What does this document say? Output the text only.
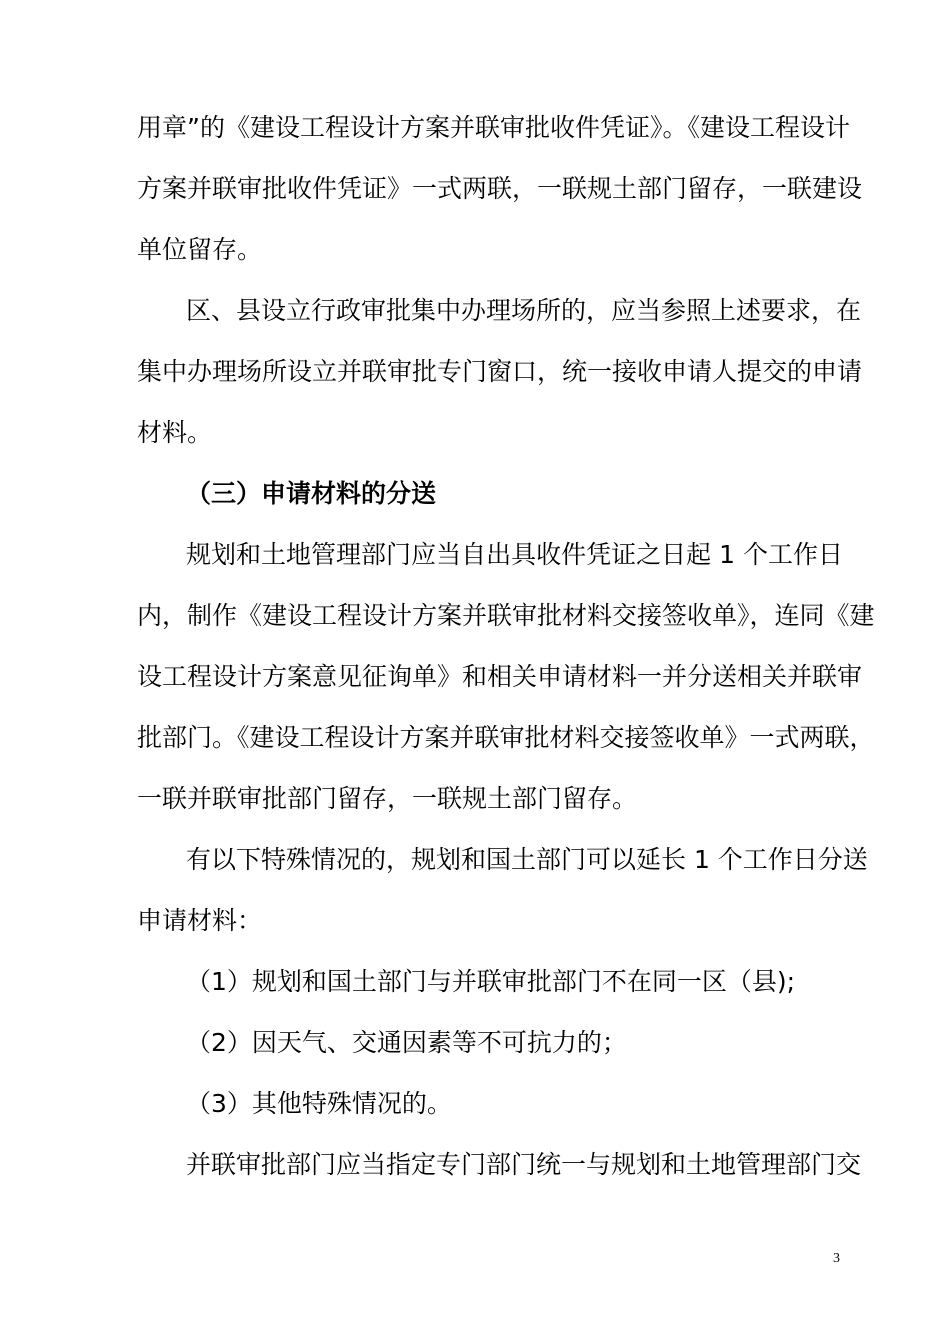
用章”的《建设工程设计方案并联审批收件凭证》。《建设工程设计
方案并联审批收件凭证》一式两联，一联规土部门留存，一联建设
单位留存。
区、县设立行政审批集中办理场所的，应当参照上述要求，在
集中办理场所设立并联审批专门窗口，统一接收申请人提交的申请
材料。
（三）申请材料的分送
规划和土地管理部门应当自出具收件凭证之日起 1 个工作日
内，制作《建设工程设计方案并联审批材料交接签收单》，连同《建
设工程设计方案意见征询单》和相关申请材料一并分送相关并联审
批部门。《建设工程设计方案并联审批材料交接签收单》一式两联，
一联并联审批部门留存，一联规土部门留存。
有以下特殊情况的，规划和国土部门可以延长 1 个工作日分送
申请材料：
（1）规划和国土部门与并联审批部门不在同一区（县);
（2）因天气、交通因素等不可抗力的；
（3）其他特殊情况的。
并联审批部门应当指定专门部门统一与规划和土地管理部门交
3
